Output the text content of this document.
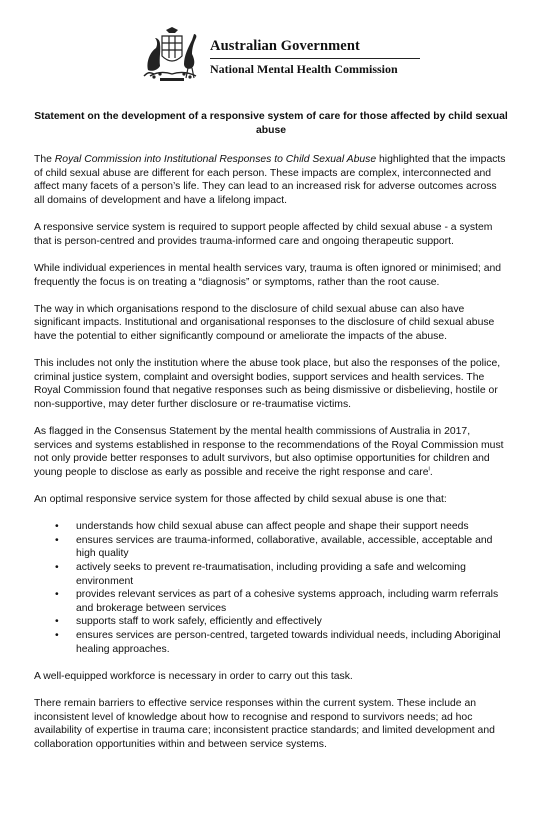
Australian Government
National Mental Health Commission
Statement on the development of a responsive system of care for those affected by child sexual abuse

The Royal Commission into Institutional Responses to Child Sexual Abuse highlighted that the impacts of child sexual abuse are different for each person. These impacts are complex, interconnected and affect many facets of a person’s life. They can lead to an increased risk for adverse outcomes across all domains of development and have a lifelong impact.

A responsive service system is required to support people affected by child sexual abuse - a system that is person-centred and provides trauma-informed care and ongoing therapeutic support.

While individual experiences in mental health services vary, trauma is often ignored or minimised; and frequently the focus is on treating a “diagnosis” or symptoms, rather than the root cause.

The way in which organisations respond to the disclosure of child sexual abuse can also have significant impacts. Institutional and organisational responses to the disclosure of child sexual abuse have the potential to either significantly compound or ameliorate the impacts of the abuse.

This includes not only the institution where the abuse took place, but also the responses of the police, criminal justice system, complaint and oversight bodies, support services and health services. The Royal Commission found that negative responses such as being dismissive or disbelieving, hostile or non-supportive, may deter further disclosure or re-traumatise victims.

As flagged in the Consensus Statement by the mental health commissions of Australia in 2017, services and systems established in response to the recommendations of the Royal Commission must not only provide better responses to adult survivors, but also optimise opportunities for children and young people to disclose as early as possible and receive the right response and care$^i$.

An optimal responsive service system for those affected by child sexual abuse is one that:

• understands how child sexual abuse can affect people and shape their support needs
• ensures services are trauma-informed, collaborative, available, accessible, acceptable and high quality
• actively seeks to prevent re-traumatisation, including providing a safe and welcoming environment
• provides relevant services as part of a cohesive systems approach, including warm referrals and brokerage between services
• supports staff to work safely, efficiently and effectively
• ensures services are person-centred, targeted towards individual needs, including Aboriginal healing approaches.

A well-equipped workforce is necessary in order to carry out this task.

There remain barriers to effective service responses within the current system. These include an inconsistent level of knowledge about how to recognise and respond to survivors needs; ad hoc availability of expertise in trauma care; inconsistent practice standards; and limited development and collaboration opportunities within and between service systems.
